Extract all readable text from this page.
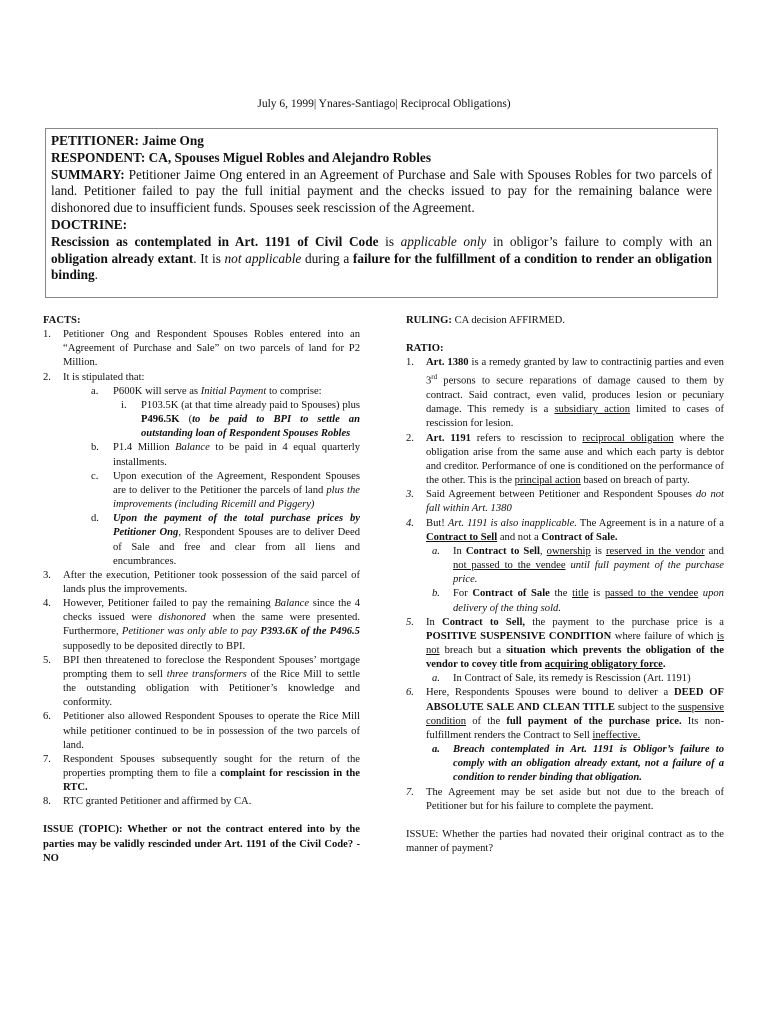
July 6, 1999| Ynares-Santiago| Reciprocal Obligations)
PETITIONER: Jaime Ong
RESPONDENT: CA, Spouses Miguel Robles and Alejandro Robles
SUMMARY: Petitioner Jaime Ong entered in an Agreement of Purchase and Sale with Spouses Robles for two parcels of land. Petitioner failed to pay the full initial payment and the checks issued to pay for the remaining balance were dishonored due to insufficient funds. Spouses seek rescission of the Agreement.
DOCTRINE:
Rescission as contemplated in Art. 1191 of Civil Code is applicable only in obligor’s failure to comply with an obligation already extant. It is not applicable during a failure for the fulfillment of a condition to render an obligation binding.
FACTS:
1. Petitioner Ong and Respondent Spouses Robles entered into an “Agreement of Purchase and Sale” on two parcels of land for P2 Million.
2. It is stipulated that:
a. P600K will serve as Initial Payment to comprise:
i. P103.5K (at that time already paid to Spouses) plus P496.5K (to be paid to BPI to settle an outstanding loan of Respondent Spouses Robles
b. P1.4 Million Balance to be paid in 4 equal quarterly installments.
c. Upon execution of the Agreement, Respondent Spouses are to deliver to the Petitioner the parcels of land plus the improvements (including Ricemill and Piggery)
d. Upon the payment of the total purchase prices by Petitioner Ong, Respondent Spouses are to deliver Deed of Sale and free and clear from all liens and encumbrances.
3. After the execution, Petitioner took possession of the said parcel of lands plus the improvements.
4. However, Petitioner failed to pay the remaining Balance since the 4 checks issued were dishonored when the same were presented. Furthermore, Petitioner was only able to pay P393.6K of the P496.5 supposedly to be deposited directly to BPI.
5. BPI then threatened to foreclose the Respondent Spouses’ mortgage prompting them to sell three transformers of the Rice Mill to settle the outstanding obligation with Petitioner’s knowledge and conformity.
6. Petitioner also allowed Respondent Spouses to operate the Rice Mill while petitioner continued to be in possession of the two parcels of land.
7. Respondent Spouses subsequently sought for the return of the properties prompting them to file a complaint for rescission in the RTC.
8. RTC granted Petitioner and affirmed by CA.
ISSUE (TOPIC): Whether or not the contract entered into by the parties may be validly rescinded under Art. 1191 of the Civil Code? - NO
RULING: CA decision AFFIRMED.
RATIO:
1. Art. 1380 is a remedy granted by law to contractinig parties and even 3rd persons to secure reparations of damage caused to them by contract. Said contract, even valid, produces lesion or pecuniary damage. This remedy is a subsidiary action limited to cases of rescission for lesion.
2. Art. 1191 refers to rescission to reciprocal obligation where the obligation arise from the same ause and which each party is debtor and creditor. Performance of one is conditioned on the performance of the other. This is the principal action based on breach of party.
3. Said Agreement between Petitioner and Respondent Spouses do not fall within Art. 1380
4. But! Art. 1191 is also inapplicable. The Agreement is in a nature of a Contract to Sell and not a Contract of Sale.
a. In Contract to Sell, ownership is reserved in the vendor and not passed to the vendee until full payment of the purchase price.
b. For Contract of Sale the title is passed to the vendee upon delivery of the thing sold.
5. In Contract to Sell, the payment to the purchase price is a POSITIVE SUSPENSIVE CONDITION where failure of which is not breach but a situation which prevents the obligation of the vendor to covey title from acquiring obligatory force.
a. In Contract of Sale, its remedy is Rescission (Art. 1191)
6. Here, Respondents Spouses were bound to deliver a DEED OF ABSOLUTE SALE AND CLEAN TITLE subject to the suspensive condition of the full payment of the purchase price. Its non-fulfillment renders the Contract to Sell ineffective.
a. Breach contemplated in Art. 1191 is Obligor’s failure to comply with an obligation already extant, not a failure of a condition to render binding that obligation.
7. The Agreement may be set aside but not due to the breach of Petitioner but for his failure to complete the payment.
ISSUE: Whether the parties had novated their original contract as to the manner of payment?
